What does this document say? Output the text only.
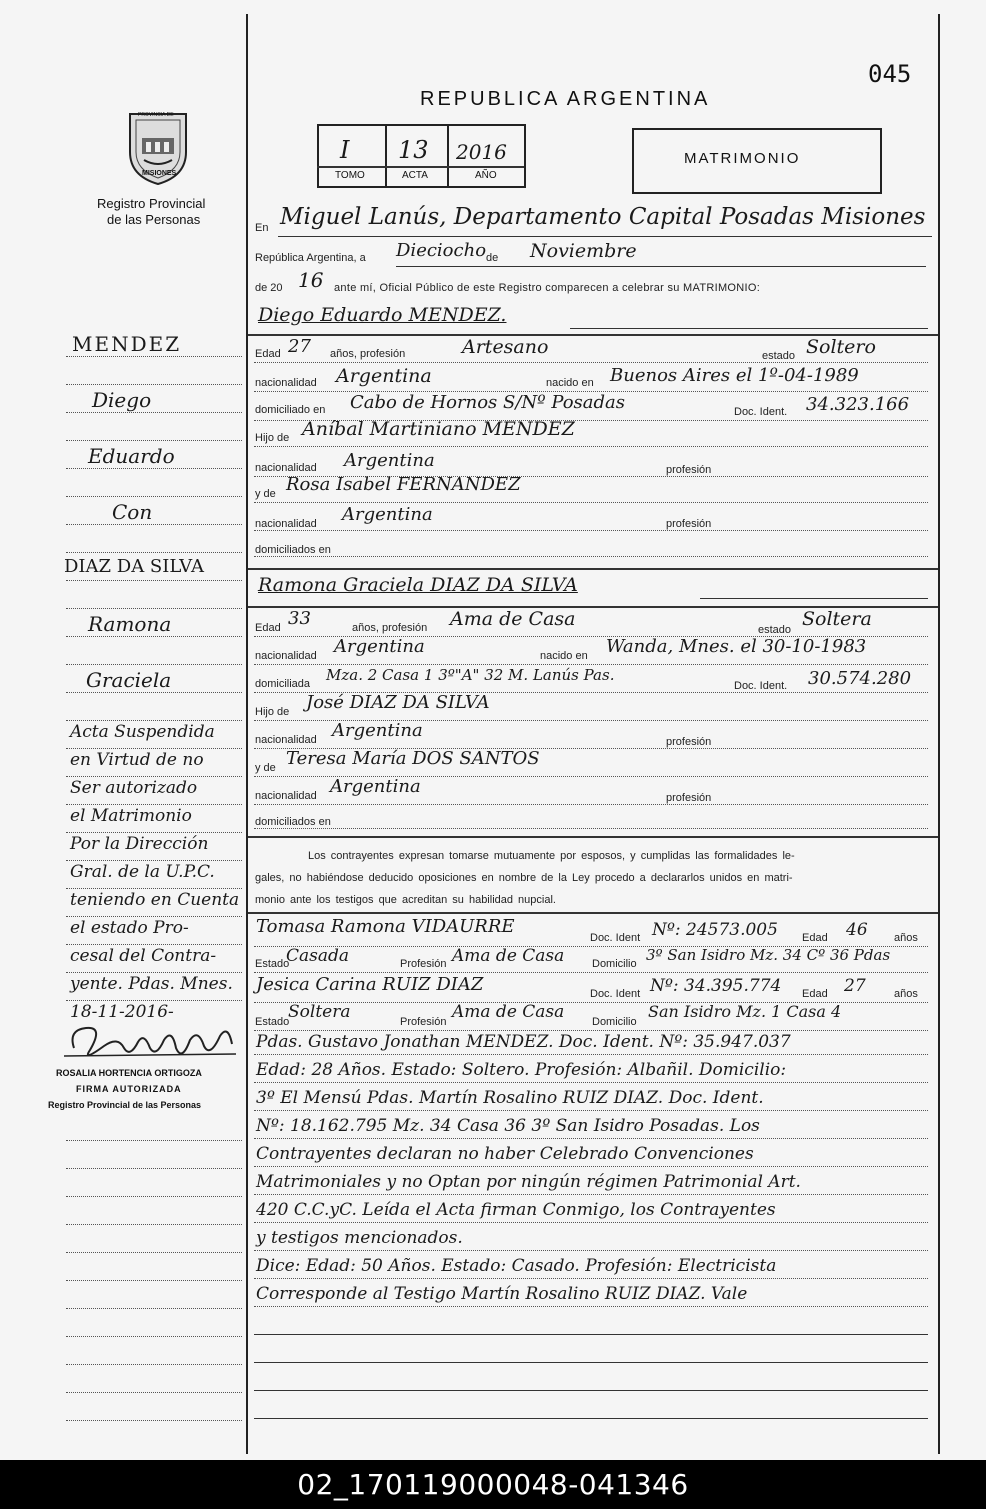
045
REPUBLICA ARGENTINA
PROVINCIA DE
MISIONES
Registro Provincial
de las Personas
I 13 2016
TOMO	ACTA	AÑO
MATRIMONIO
En Miguel Lanús, Departamento Capital Posadas Misiones
República Argentina, a Dieciocho de Noviembre
de 20 16 ante mí, Oficial Público de este Registro comparecen a celebrar su MATRIMONIO:
Diego Eduardo MENDEZ.
Edad 27 años, profesión	Artesano	estado Soltero
nacionalidad Argentina	nacido en Buenos Aires el 1º-04-1989
domiciliado en Cabo de Hornos S/Nº Posadas	Doc. Ident. 34.323.166
Hijo de Aníbal Martiniano MENDEZ
nacionalidad Argentina	profesión
y de Rosa Isabel FERNANDEZ
nacionalidad Argentina	profesión
domiciliados en
Ramona Graciela DIAZ DA SILVA
Edad 33	años, profesión Ama de Casa	estado Soltera
nacionalidad Argentina	nacido en Wanda, Mnes. el 30-10-1983
domiciliada Mza. 2 Casa 1 3º"A" 32 M. Lanús Pas.
Doc. Ident. 30.574.280
Hijo de José DIAZ DA SILVA
nacionalidad Argentina
profesión
y de Teresa María DOS SANTOS
nacionalidad Argentina
profesión
domiciliados en
Los contrayentes expresan tomarse mutuamente por esposos, y cumplidas las formalidades le-
gales, no habiéndose deducido oposiciones en nombre de la Ley procedo a declararlos unidos en matri-
monio ante los testigos que acreditan su habilidad nupcial.
Tomasa Ramona VIDAURRE
Doc. Ident Nº: 24573.005 Edad 46 años
Estado
Casada	Profesión Ama de Casa	Domicilio 3º San Isidro Mz. 34 Cº 36 Pdas
Jesica Carina RUIZ DIAZ	Doc. Ident Nº: 34.395.774 Edad 27	años
Estado
Soltera	Profesión Ama de Casa	Domicilio
San Isidro Mz. 1 Casa 4
Pdas. Gustavo Jonathan MENDEZ. Doc. Ident. Nº: 35.947.037
Edad: 28 Años. Estado: Soltero. Profesión: Albañil. Domicilio:
3º El Mensú Pdas. Martín Rosalino RUIZ DIAZ. Doc. Ident.
Nº: 18.162.795 Mz. 34 Casa 36 3º San Isidro Posadas. Los
Contrayentes declaran no haber Celebrado Convenciones
Matrimoniales y no Optan por ningún régimen Patrimonial Art.
420 C.C.yC. Leída el Acta firman Conmigo, los Contrayentes
y testigos mencionados.
Dice: Edad: 50 Años. Estado: Casado. Profesión: Electricista
Corresponde al Testigo Martín Rosalino RUIZ DIAZ. Vale
MENDEZ
Diego
Eduardo
Con
DIAZ DA SILVA
Ramona
Graciela
Acta Suspendida
en Virtud de no
Ser autorizado
el Matrimonio
Por la Dirección
Gral. de la U.P.C.
teniendo en Cuenta
el estado Pro-
cesal del Contra-
yente. Pdas. Mnes.
18-11-2016-
ROSALIA HORTENCIA ORTIGOZA
FIRMA AUTORIZADA
Registro Provincial de las Personas
02_170119000048-041346
